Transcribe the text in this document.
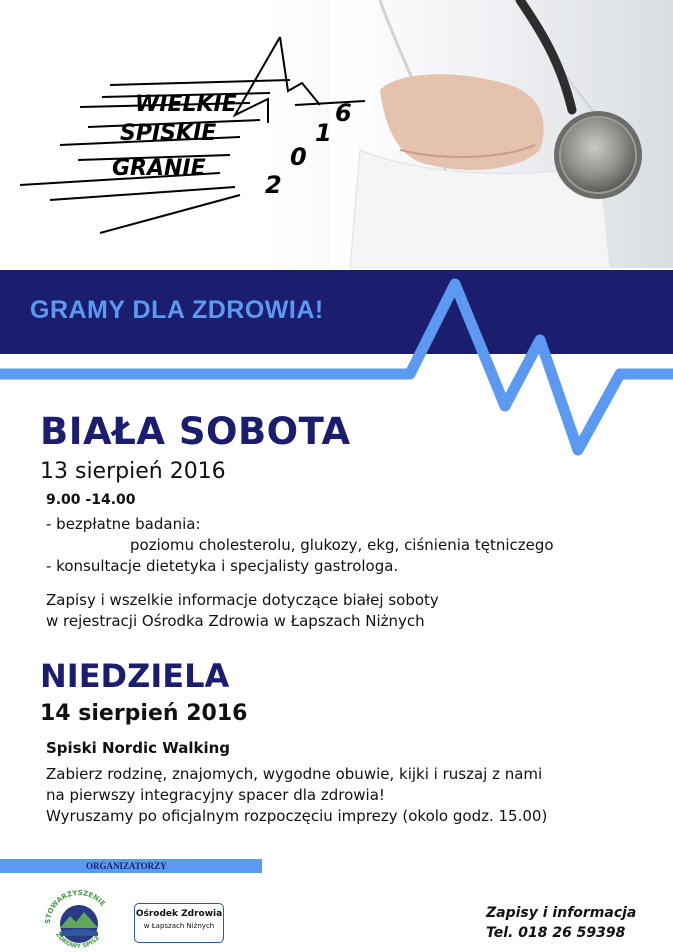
WIELKIE
SPISKIE
GRANIE
6
1
0
2
GRAMY DLA ZDROWIA!
BIAŁA SOBOTA
13 sierpień 2016
9.00 -14.00
- bezpłatne badania:
poziomu cholesterolu, glukozy, ekg, ciśnienia tętniczego
- konsultacje dietetyka i specjalisty gastrologa.
Zapisy i wszelkie informacje dotyczące białej soboty
w rejestracji Ośrodka Zdrowia w Łapszach Niżnych
NIEDZIELA
14 sierpień 2016
Spiski Nordic Walking
Zabierz rodzinę, znajomych, wygodne obuwie, kijki i ruszaj z nami
na pierwszy integracyjny spacer dla zdrowia!
Wyruszamy po oficjalnym rozpoczęciu imprezy (okolo godz. 15.00)
ORGANIZATORZY
STOWARZYSZENIE
ZDROWY SPISZ
Ośrodek Zdrowia
w Łapszach Niżnych
Zapisy i informacja
Tel. 018 26 59398
